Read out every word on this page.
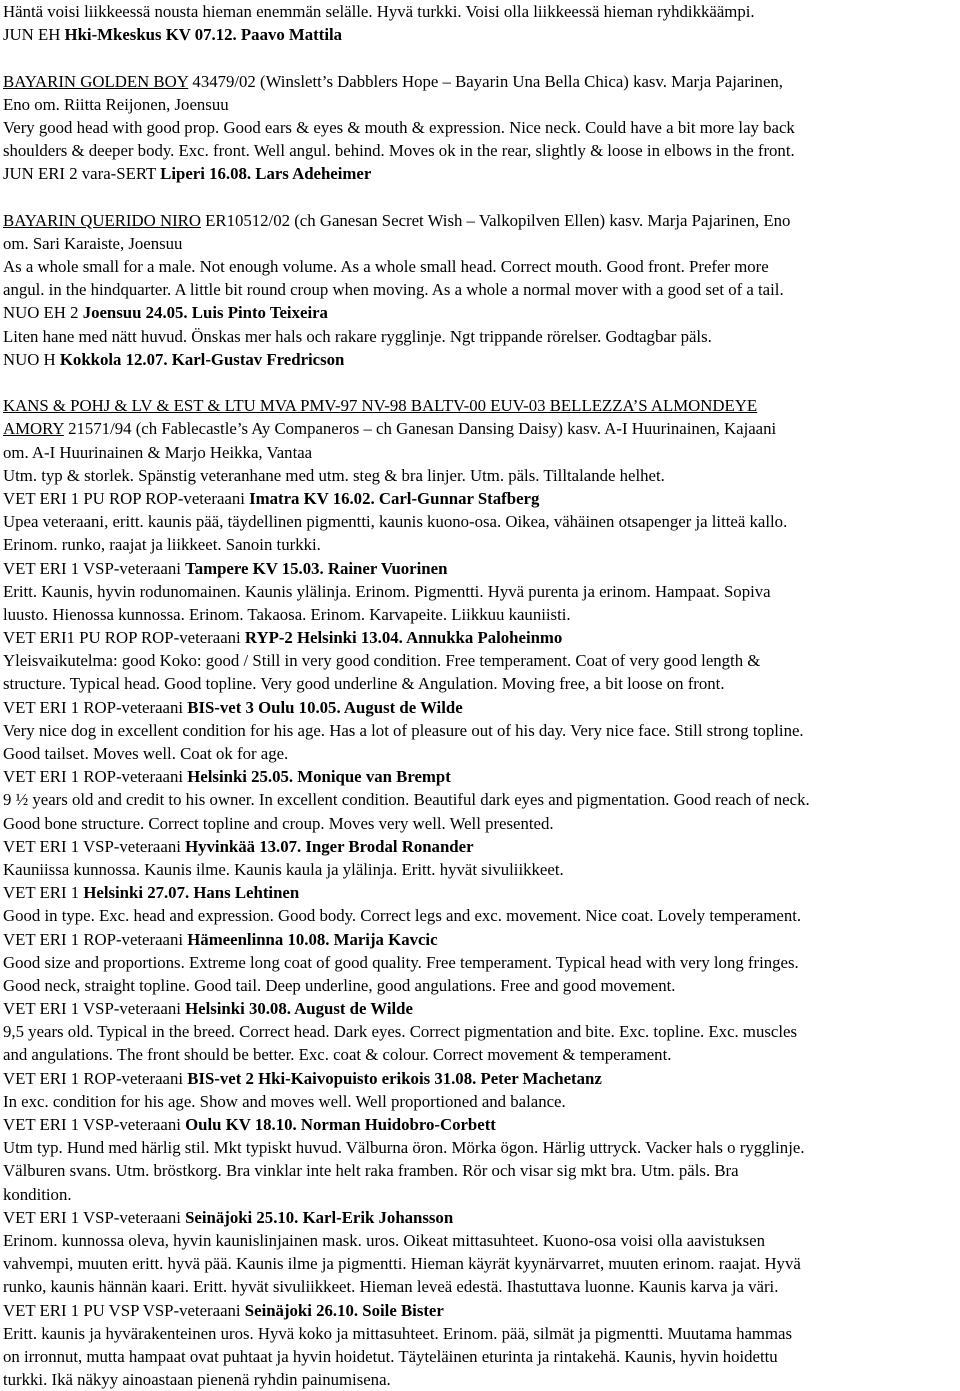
Häntä voisi liikkeessä nousta hieman enemmän selälle. Hyvä turkki. Voisi olla liikkeessä hieman ryhdikkäämpi.
JUN EH Hki-Mkeskus KV 07.12. Paavo Mattila
BAYARIN GOLDEN BOY 43479/02 (Winslett’s Dabblers Hope – Bayarin Una Bella Chica) kasv. Marja Pajarinen,
Eno om. Riitta Reijonen, Joensuu
Very good head with good prop. Good ears & eyes & mouth & expression. Nice neck. Could have a bit more lay back
shoulders & deeper body. Exc. front. Well angul. behind. Moves ok in the rear, slightly & loose in elbows in the front.
JUN ERI 2 vara-SERT Liperi 16.08. Lars Adeheimer
BAYARIN QUERIDO NIRO ER10512/02 (ch Ganesan Secret Wish – Valkopilven Ellen) kasv. Marja Pajarinen, Eno
om. Sari Karaiste, Joensuu
As a whole small for a male. Not enough volume. As a whole small head. Correct mouth. Good front. Prefer more
angul. in the hindquarter. A little bit round croup when moving. As a whole a normal mover with a good set of a tail.
NUO EH 2 Joensuu 24.05. Luis Pinto Teixeira
Liten hane med nätt huvud. Önskas mer hals och rakare rygglinje. Ngt trippande rörelser. Godtagbar päls.
NUO H Kokkola 12.07. Karl-Gustav Fredricson
KANS & POHJ & LV & EST & LTU MVA PMV-97 NV-98 BALTV-00 EUV-03 BELLEZZA’S ALMONDEYE
AMORY 21571/94 (ch Fablecastle’s Ay Companeros – ch Ganesan Dansing Daisy) kasv. A-I Huurinainen, Kajaani
om. A-I Huurinainen & Marjo Heikka, Vantaa
Utm. typ & storlek. Spänstig veteranhane med utm. steg & bra linjer. Utm. päls. Tilltalande helhet.
VET ERI 1 PU ROP ROP-veteraani Imatra KV 16.02. Carl-Gunnar Stafberg
Upea veteraani, eritt. kaunis pää, täydellinen pigmentti, kaunis kuono-osa. Oikea, vähäinen otsapenger ja litteä kallo.
Erinom. runko, raajat ja liikkeet. Sanoin turkki.
VET ERI 1 VSP-veteraani Tampere KV 15.03. Rainer Vuorinen
Eritt. Kaunis, hyvin rodunomainen. Kaunis ylälinja. Erinom. Pigmentti. Hyvä purenta ja erinom. Hampaat. Sopiva
luusto. Hienossa kunnossa. Erinom. Takaosa. Erinom. Karvapeite. Liikkuu kauniisti.
VET ERI1 PU ROP ROP-veteraani RYP-2 Helsinki 13.04. Annukka Paloheinmo
Yleisvaikutelma: good Koko: good / Still in very good condition. Free temperament. Coat of very good length &
structure. Typical head. Good topline. Very good underline & Angulation. Moving free, a bit loose on front.
VET ERI 1 ROP-veteraani BIS-vet 3 Oulu 10.05. August de Wilde
Very nice dog in excellent condition for his age. Has a lot of pleasure out of his day. Very nice face. Still strong topline.
Good tailset. Moves well. Coat ok for age.
VET ERI 1 ROP-veteraani Helsinki 25.05. Monique van Brempt
9 ½ years old and credit to his owner. In excellent condition. Beautiful dark eyes and pigmentation. Good reach of neck.
Good bone structure. Correct topline and croup. Moves very well. Well presented.
VET ERI 1 VSP-veteraani Hyvinkää 13.07. Inger Brodal Ronander
Kauniissa kunnossa. Kaunis ilme. Kaunis kaula ja ylälinja. Eritt. hyvät sivuliikkeet.
VET ERI 1 Helsinki 27.07. Hans Lehtinen
Good in type. Exc. head and expression. Good body. Correct legs and exc. movement. Nice coat. Lovely temperament.
VET ERI 1 ROP-veteraani Hämeenlinna 10.08. Marija Kavcic
Good size and proportions. Extreme long coat of good quality. Free temperament. Typical head with very long fringes.
Good neck, straight topline. Good tail. Deep underline, good angulations. Free and good movement.
VET ERI 1 VSP-veteraani Helsinki 30.08. August de Wilde
9,5 years old. Typical in the breed. Correct head. Dark eyes. Correct pigmentation and bite. Exc. topline. Exc. muscles
and angulations. The front should be better. Exc. coat & colour. Correct movement & temperament.
VET ERI 1 ROP-veteraani BIS-vet 2 Hki-Kaivopuisto erikois 31.08. Peter Machetanz
In exc. condition for his age. Show and moves well. Well proportioned and balance.
VET ERI 1 VSP-veteraani Oulu KV 18.10. Norman Huidobro-Corbett
Utm typ. Hund med härlig stil. Mkt typiskt huvud. Välburna öron. Mörka ögon. Härlig uttryck. Vacker hals o rygglinje.
Välburen svans. Utm. bröstkorg. Bra vinklar inte helt raka framben. Rör och visar sig mkt bra. Utm. päls. Bra
kondition.
VET ERI 1 VSP-veteraani Seinäjoki 25.10. Karl-Erik Johansson
Erinom. kunnossa oleva, hyvin kaunislinjainen mask. uros. Oikeat mittasuhteet. Kuono-osa voisi olla aavistuksen
vahvempi, muuten eritt. hyvä pää. Kaunis ilme ja pigmentti. Hieman käyrät kyynärvarret, muuten erinom. raajat. Hyvä
runko, kaunis hännän kaari. Eritt. hyvät sivuliikkeet. Hieman leveä edestä. Ihastuttava luonne. Kaunis karva ja väri.
VET ERI 1 PU VSP VSP-veteraani Seinäjoki 26.10. Soile Bister
Eritt. kaunis ja hyvärakenteinen uros. Hyvä koko ja mittasuhteet. Erinom. pää, silmät ja pigmentti. Muutama hammas
on irronnut, mutta hampaat ovat puhtaat ja hyvin hoidetut. Täyteläinen eturinta ja rintakehä. Kaunis, hyvin hoidettu
turkki. Ikä näkyy ainoastaan pienenä ryhdin painumisena.
